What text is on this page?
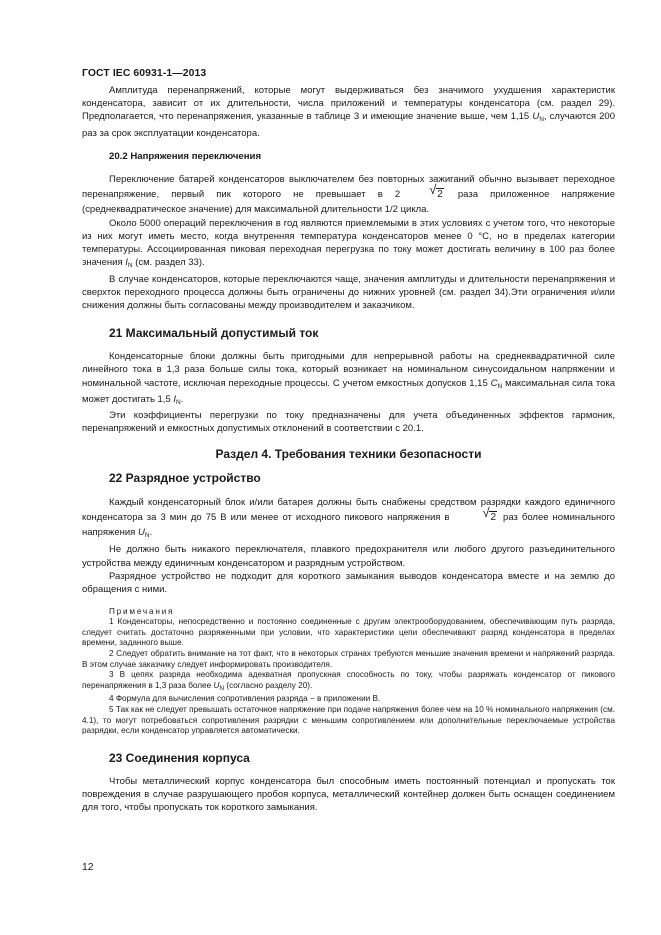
ГОСТ IEC 60931-1—2013

Амплитуда перенапряжений, которые могут выдерживаться без значимого ухудшения характеристик конденсатора, зависит от их длительности, числа приложений и температуры конденсатора (см. раздел 29). Предполагается, что перенапряжения, указанные в таблице 3 и имеющие значение выше, чем 1,15 $U_N$, случаются 200 раз за срок эксплуатации конденсатора.

20.2 Напряжения переключения

Переключение батарей конденсаторов выключателем без повторных зажиганий обычно вызывает переходное перенапряжение, первый пик которого не превышает в 2	√ 2 раза приложенное напряжение (среднеквадратическое значение) для максимальной длительности 1/2 цикла.

Около 5000 операций переключения в год являются приемлемыми в этих условиях с учетом того, что некоторые из них могут иметь место, когда внутренняя температура конденсаторов менее 0 °С, но в пределах категории температуры. Ассоциированная пиковая переходная перегрузка по току может достигать величину в 100 раз более значения $I_N$ (см. раздел 33).

В случае конденсаторов, которые переключаются чаще, значения амплитуды и длительности перенапряжения и сверхток переходного процесса должны быть ограничены до нижних уровней (см. раздел 34).Эти ограничения и/или снижения должны быть согласованы между производителем и заказчиком.

21 Максимальный допустимый ток

Конденсаторные блоки должны быть пригодными для непрерывной работы на среднеквадратичной силе линейного тока в 1,3 раза больше силы тока, который возникает на номинальном синусоидальном напряжении и номинальной частоте, исключая переходные процессы. С учетом емкостных допусков 1,15 $C_N$ максимальная сила тока может достигать 1,5 $I_N$.

Эти коэффициенты перегрузки по току предназначены для учета объединенных эффектов гармоник, перенапряжений и емкостных допустимых отклонений в соответствии с 20.1.

Раздел 4. Требования техники безопасности
22 Разрядное устройство

Каждый конденсаторный блок и/или батарея должны быть снабжены средством разрядки каждого единичного конденсатора за 3 мин до 75 В или менее от исходного пикового напряжения в	√ 2 раз более номинального напряжения $U_N$.

Не должно быть никакого переключателя, плавкого предохранителя или любого другого разъединительного устройства между единичным конденсатором и разрядным устройством.

Разрядное устройство не подходит для короткого замыкания выводов конденсатора вместе и на землю до обращения с ними.

Примечания

1 Конденсаторы, непосредственно и постоянно соединенные с другим электрооборудованием, обеспечивающим путь разряда, следует считать достаточно разряженными при условии, что характеристики цепи обеспечивают разряд конденсатора в пределах времени, заданного выше.

2 Следует обратить внимание на тот факт, что в некоторых странах требуются меньшие значения времени и напряжений разряда. В этом случае заказчику следует информировать производителя.

3 В цепях разряда необходима адекватная пропускная способность по току, чтобы разряжать конденсатор от пикового перенапряжения в 1,3 раза более $U_N$ (согласно разделу 20).

4 Формула для вычисления сопротивления разряда − в приложении В.

5 Так как не следует превышать остаточное напряжение при подаче напряжения более чем на 10 % номинального напряжения (см. 4.1), то могут потребоваться сопротивления разрядки с меньшим сопротивлением или дополнительные переключаемые устройства разрядки, если конденсатор управляется автоматически.

23 Соединения корпуса

Чтобы металлический корпус конденсатора был способным иметь постоянный потенциал и пропускать ток повреждения в случае разрушающего пробоя корпуса, металлический контейнер должен быть оснащен соединением для того, чтобы пропускать ток короткого замыкания.

12
